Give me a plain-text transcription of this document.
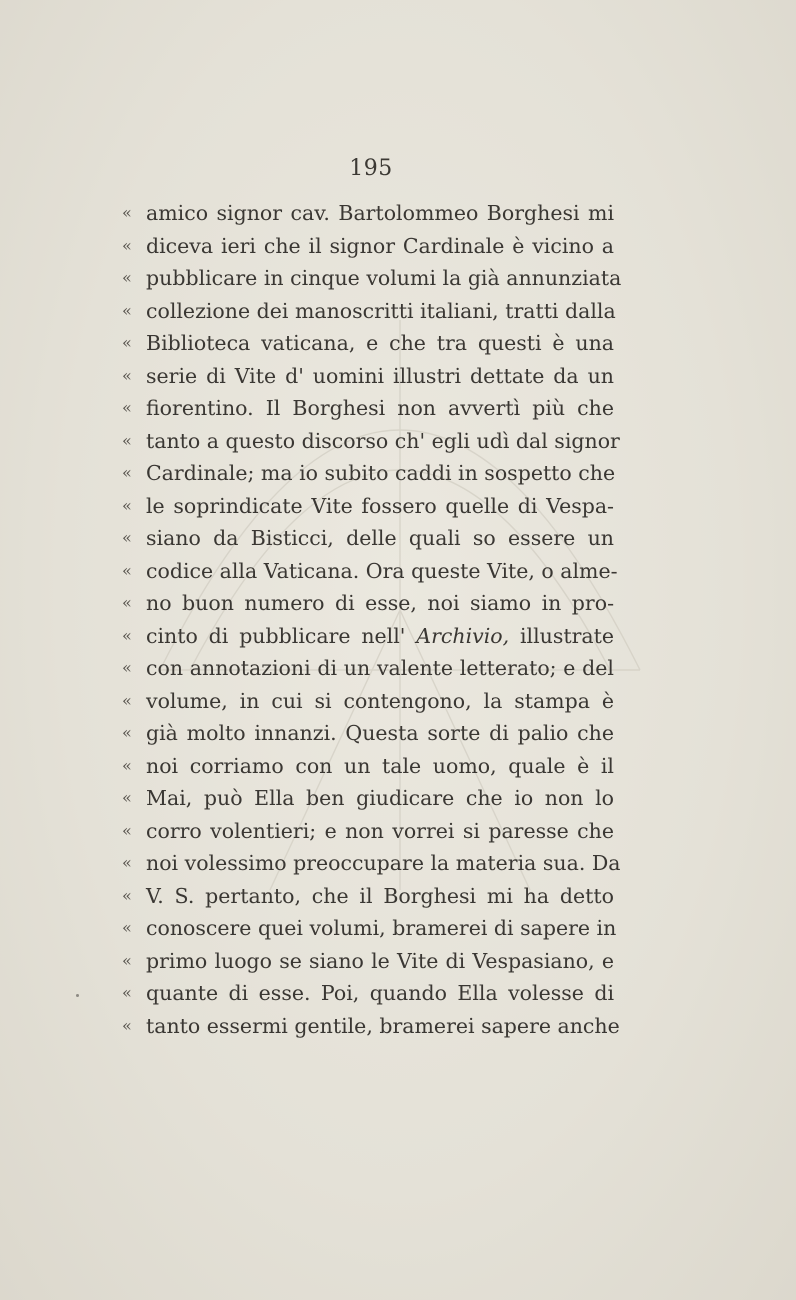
195
« amico signor cav. Bartolommeo Borghesi mi
« diceva ieri che il signor Cardinale è vicino a
« pubblicare in cinque volumi la già annunziata
« collezione dei manoscritti italiani, tratti dalla
« Biblioteca vaticana, e che tra questi è una
« serie di Vite d' uomini illustri dettate da un
« fiorentino. Il Borghesi non avvertì più che
« tanto a questo discorso ch' egli udì dal signor
« Cardinale; ma io subito caddi in sospetto che
« le soprindicate Vite fossero quelle di Vespa-
« siano da Bisticci, delle quali so essere un
« codice alla Vaticana. Ora queste Vite, o alme-
« no buon numero di esse, noi siamo in pro-
« cinto di pubblicare nell' Archivio, illustrate
« con annotazioni di un valente letterato; e del
« volume, in cui si contengono, la stampa è
« già molto innanzi. Questa sorte di palio che
« noi corriamo con un tale uomo, quale è il
« Mai, può Ella ben giudicare che io non lo
« corro volentieri; e non vorrei si paresse che
« noi volessimo preoccupare la materia sua. Da
« V. S. pertanto, che il Borghesi mi ha detto
« conoscere quei volumi, bramerei di sapere in
« primo luogo se siano le Vite di Vespasiano, e
« quante di esse. Poi, quando Ella volesse di
« tanto essermi gentile, bramerei sapere anche
